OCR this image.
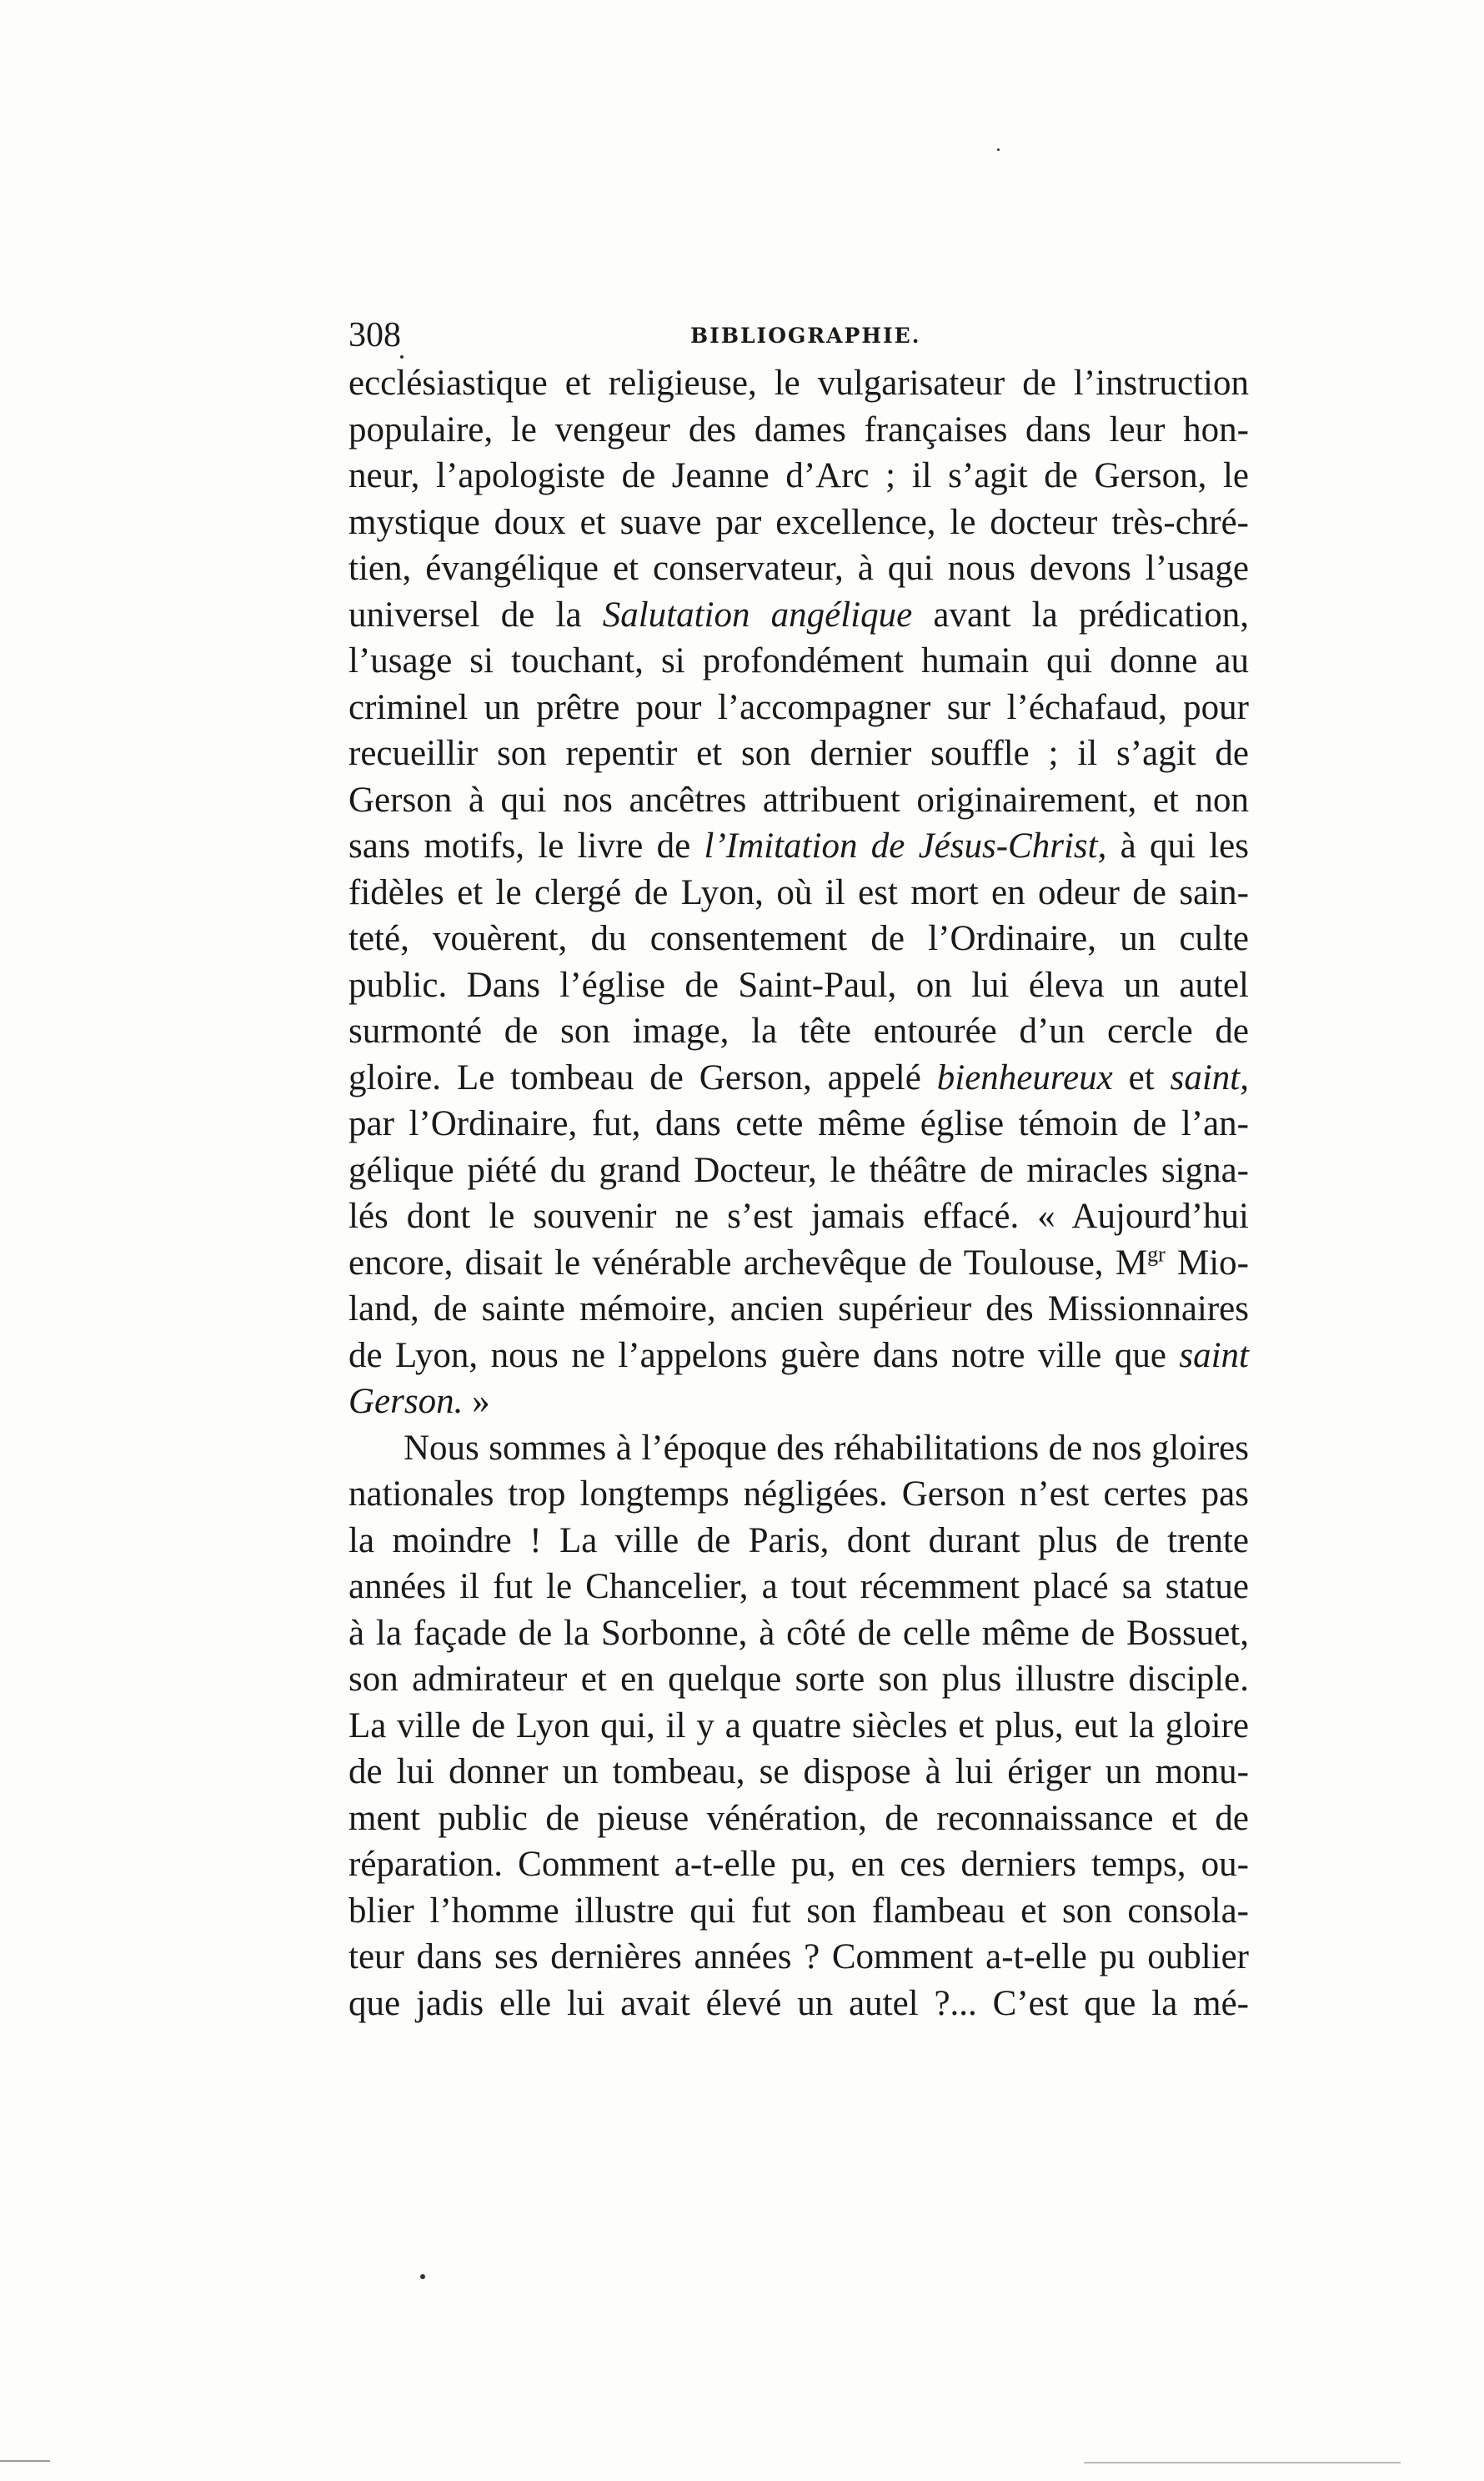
308	BIBLIOGRAPHIE.
ecclésiastique et religieuse, le vulgarisateur de l’instruction
populaire, le vengeur des dames françaises dans leur hon-
neur, l’apologiste de Jeanne d’Arc ; il s’agit de Gerson, le
mystique doux et suave par excellence, le docteur très-chré-
tien, évangélique et conservateur, à qui nous devons l’usage
universel de la Salutation angélique avant la prédication,
l’usage si touchant, si profondément humain qui donne au
criminel un prêtre pour l’accompagner sur l’échafaud, pour
recueillir son repentir et son dernier souffle ; il s’agit de
Gerson à qui nos ancêtres attribuent originairement, et non
sans motifs, le livre de l’Imitation de Jésus-Christ, à qui les
fidèles et le clergé de Lyon, où il est mort en odeur de sain-
teté, vouèrent, du consentement de l’Ordinaire, un culte
public. Dans l’église de Saint-Paul, on lui éleva un autel
surmonté de son image, la tête entourée d’un cercle de
gloire. Le tombeau de Gerson, appelé bienheureux et saint,
par l’Ordinaire, fut, dans cette même église témoin de l’an-
gélique piété du grand Docteur, le théâtre de miracles signa-
lés dont le souvenir ne s’est jamais effacé. « Aujourd’hui
encore, disait le vénérable archevêque de Toulouse, $M^{gr}$ Mio-
land, de sainte mémoire, ancien supérieur des Missionnaires
de Lyon, nous ne l’appelons guère dans notre ville que saint
Gerson. »
Nous sommes à l’époque des réhabilitations de nos gloires
nationales trop longtemps négligées. Gerson n’est certes pas
la moindre ! La ville de Paris, dont durant plus de trente
années il fut le Chancelier, a tout récemment placé sa statue
à la façade de la Sorbonne, à côté de celle même de Bossuet,
son admirateur et en quelque sorte son plus illustre disciple.
La ville de Lyon qui, il y a quatre siècles et plus, eut la gloire
de lui donner un tombeau, se dispose à lui ériger un monu-
ment public de pieuse vénération, de reconnaissance et de
réparation. Comment a-t-elle pu, en ces derniers temps, ou-
blier l’homme illustre qui fut son flambeau et son consola-
teur dans ses dernières années ? Comment a-t-elle pu oublier
que jadis elle lui avait élevé un autel ?... C’est que la mé-
